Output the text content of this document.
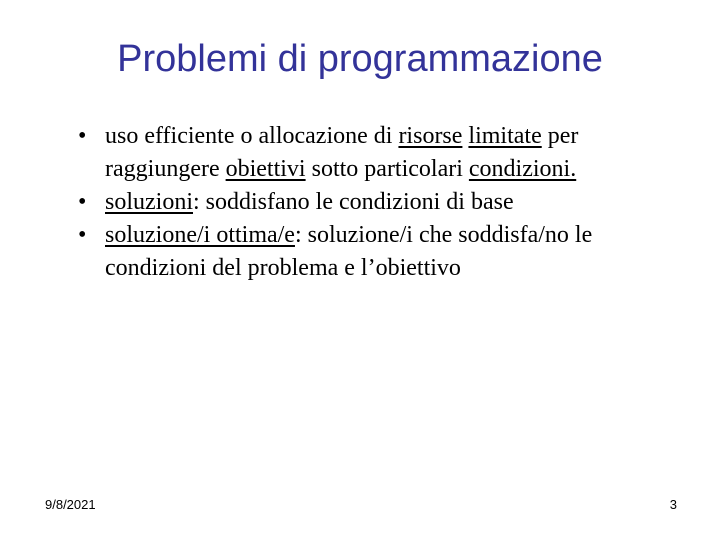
Problemi di programmazione
• uso efficiente o allocazione di risorse limitate per raggiungere obiettivi sotto particolari condizioni.
• soluzioni: soddisfano le condizioni di base
• soluzione/i ottima/e: soluzione/i che soddisfa/no le condizioni del problema e l’obiettivo
9/8/2021	3
